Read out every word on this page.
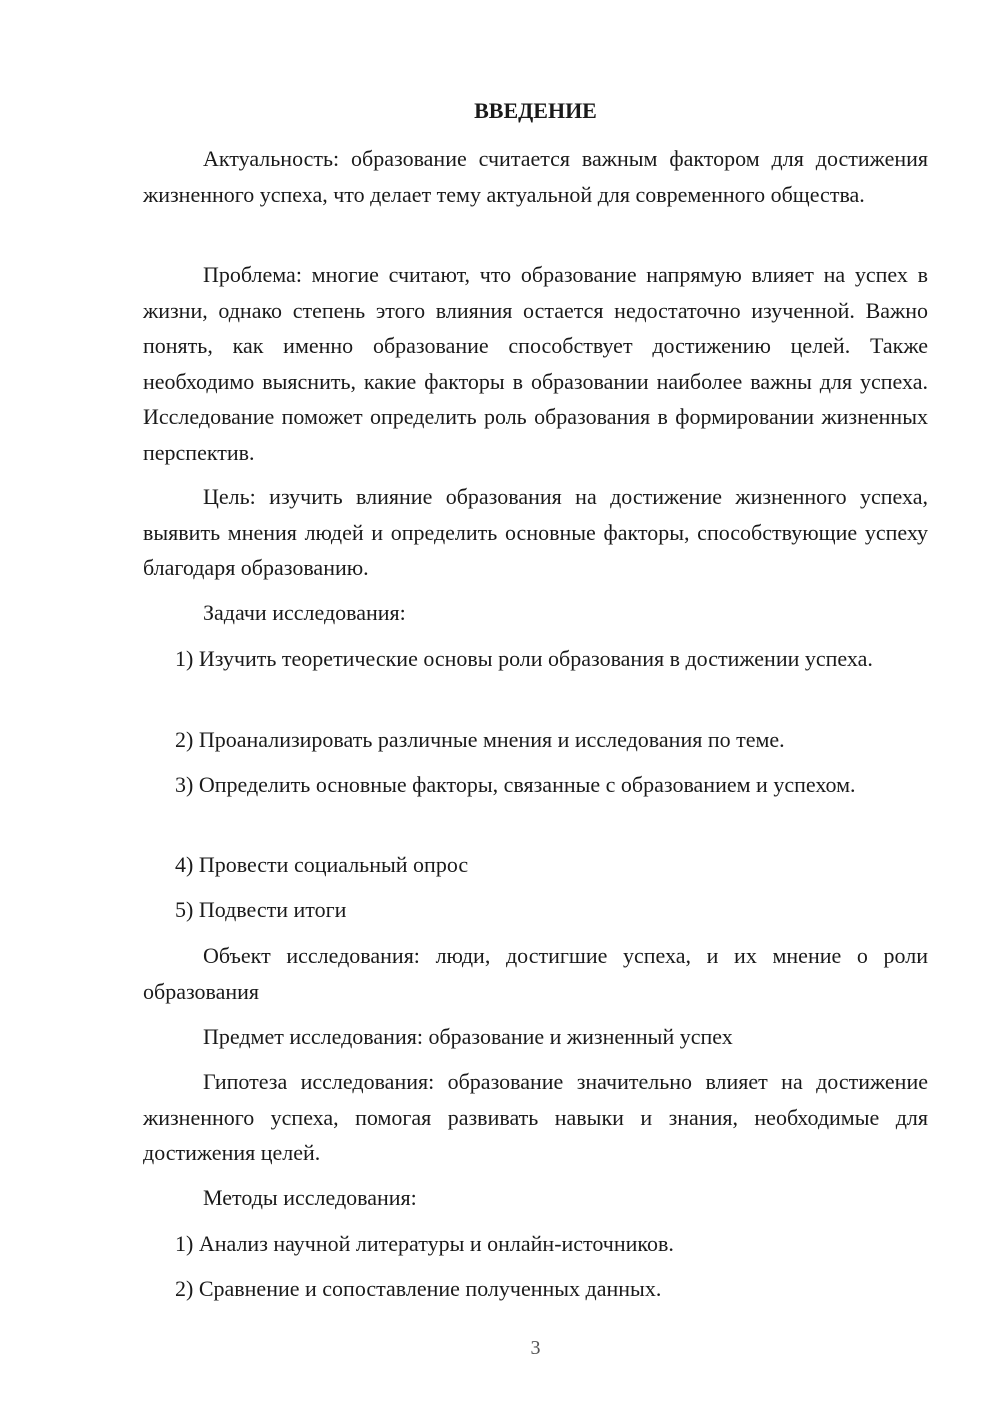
ВВЕДЕНИЕ
Актуальность: образование считается важным фактором для достижения жизненного успеха, что делает тему актуальной для современного общества.
Проблема: многие считают, что образование напрямую влияет на успех в жизни, однако степень этого влияния остается недостаточно изученной. Важно понять, как именно образование способствует достижению целей. Также необходимо выяснить, какие факторы в образовании наиболее важны для успеха. Исследование поможет определить роль образования в формировании жизненных перспектив.
Цель: изучить влияние образования на достижение жизненного успеха, выявить мнения людей и определить основные факторы, способствующие успеху благодаря образованию.
Задачи исследования:
1) Изучить теоретические основы роли образования в достижении успеха.
2) Проанализировать различные мнения и исследования по теме.
3) Определить основные факторы, связанные с образованием и успехом.
4) Провести социальный опрос
5) Подвести итоги
Объект исследования: люди, достигшие успеха, и их мнение о роли образования
Предмет исследования: образование и жизненный успех
Гипотеза исследования: образование значительно влияет на достижение жизненного успеха, помогая развивать навыки и знания, необходимые для достижения целей.
Методы исследования:
1) Анализ научной литературы и онлайн-источников.
2) Сравнение и сопоставление полученных данных.
3
